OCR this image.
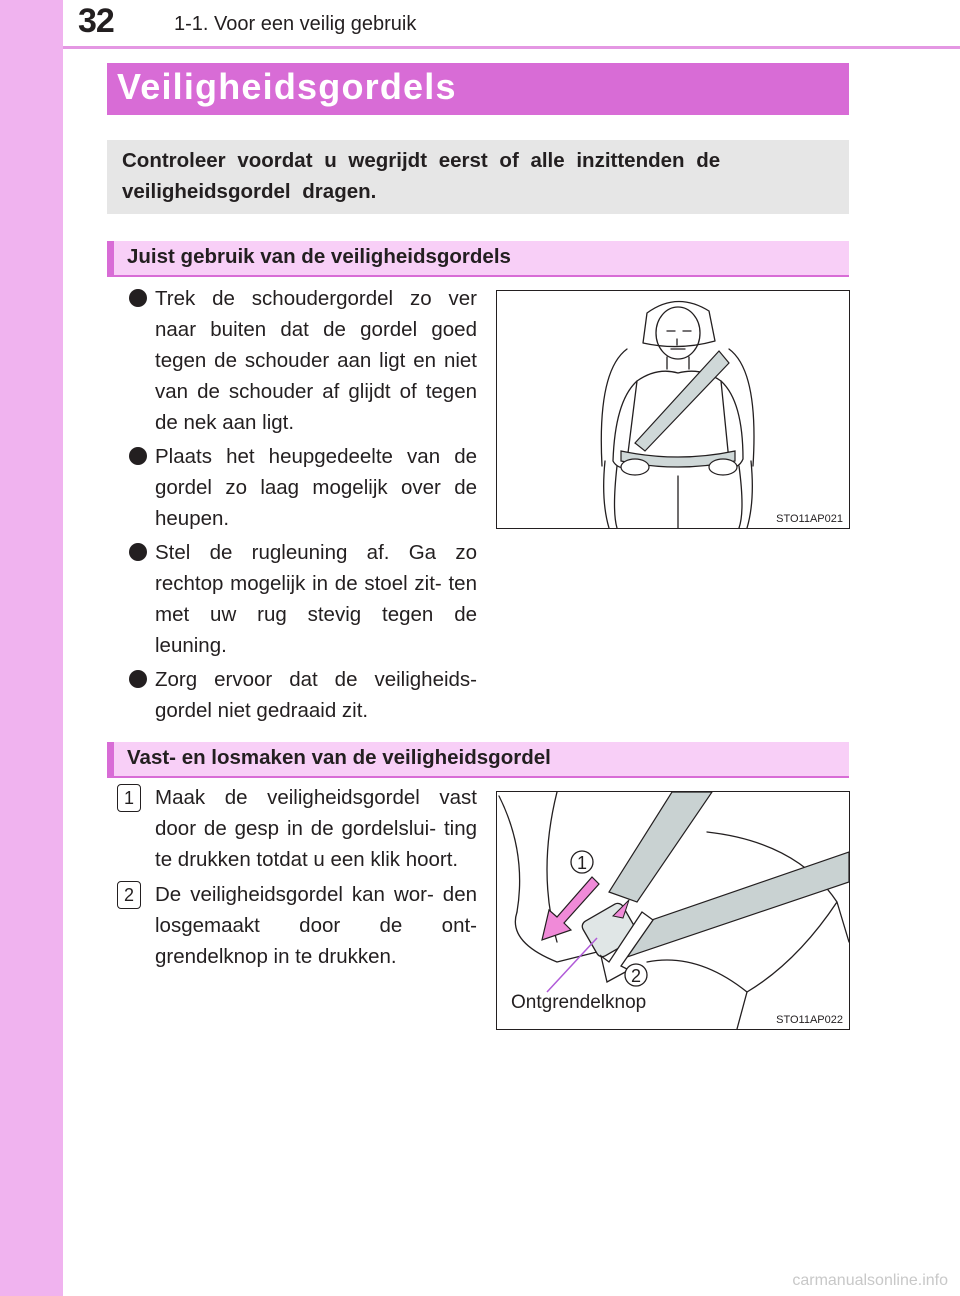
32	1-1. Voor een veilig gebruik
Veiligheidsgordels
Controleer voordat u wegrijdt eerst of alle inzittenden de veiligheidsgordel dragen.
Juist gebruik van de veiligheidsgordels
Trek de schoudergordel zo ver naar buiten dat de gordel goed tegen de schouder aan ligt en niet van de schouder af glijdt of tegen de nek aan ligt.
Plaats het heupgedeelte van de gordel zo laag mogelijk over de heupen.
Stel de rugleuning af. Ga zo rechtop mogelijk in de stoel zit- ten met uw rug stevig tegen de leuning.
Zorg ervoor dat de veiligheids- gordel niet gedraaid zit.
STO11AP021
Vast- en losmaken van de veiligheidsgordel
1	Maak de veiligheidsgordel vast door de gesp in de gordelslui- ting te drukken totdat u een klik hoort.
2	De veiligheidsgordel kan wor- den losgemaakt door de ont- grendelknop in te drukken.
1
2
Ontgrendelknop
STO11AP022
carmanualsonline.info
